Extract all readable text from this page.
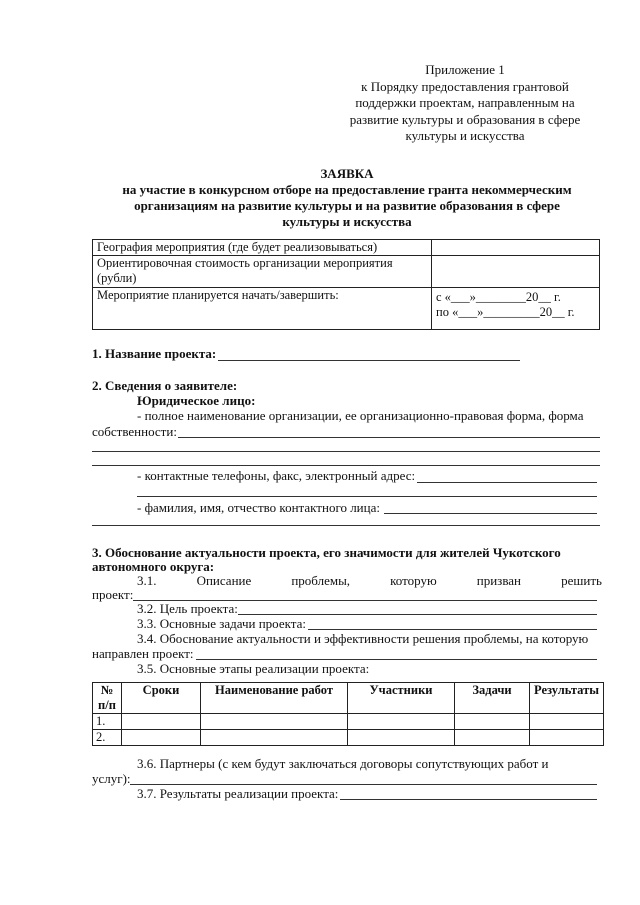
Приложение 1
к Порядку предоставления грантовой
поддержки проектам, направленным на
развитие культуры и образования в сфере
культуры и искусства
ЗАЯВКА
на участие в конкурсном отборе на предоставление гранта некоммерческим
организациям на развитие культуры и на развитие образования в сфере
культуры и искусства
География мероприятия (где будет реализовываться)	
Ориентировочная стоимость организации мероприятия (рубли)	
Мероприятие планируется начать/завершить:	с «___»________20__ г.
по «___»_________20__ г.
1. Название проекта:
2. Сведения о заявителе:
Юридическое лицо:
- полное наименование организации, ее организационно-правовая форма, форма
собственности:
- контактные телефоны, факс, электронный адрес:
- фамилия, имя, отчество контактного лица:
3. Обоснование актуальности проекта, его значимости для жителей Чукотского
автономного округа:
3.1.	Описание	проблемы,	которую	призван	решить
проект:
3.2. Цель проекта:
3.3. Основные задачи проекта:
3.4. Обоснование актуальности и эффективности решения проблемы, на которую
направлен проект:
3.5. Основные этапы реализации проекта:
№ п/п	Сроки	Наименование работ	Участники	Задачи	Результаты
1.					
2.					
3.6. Партнеры (с кем будут заключаться договоры сопутствующих работ и
услуг):
3.7. Результаты реализации проекта:
